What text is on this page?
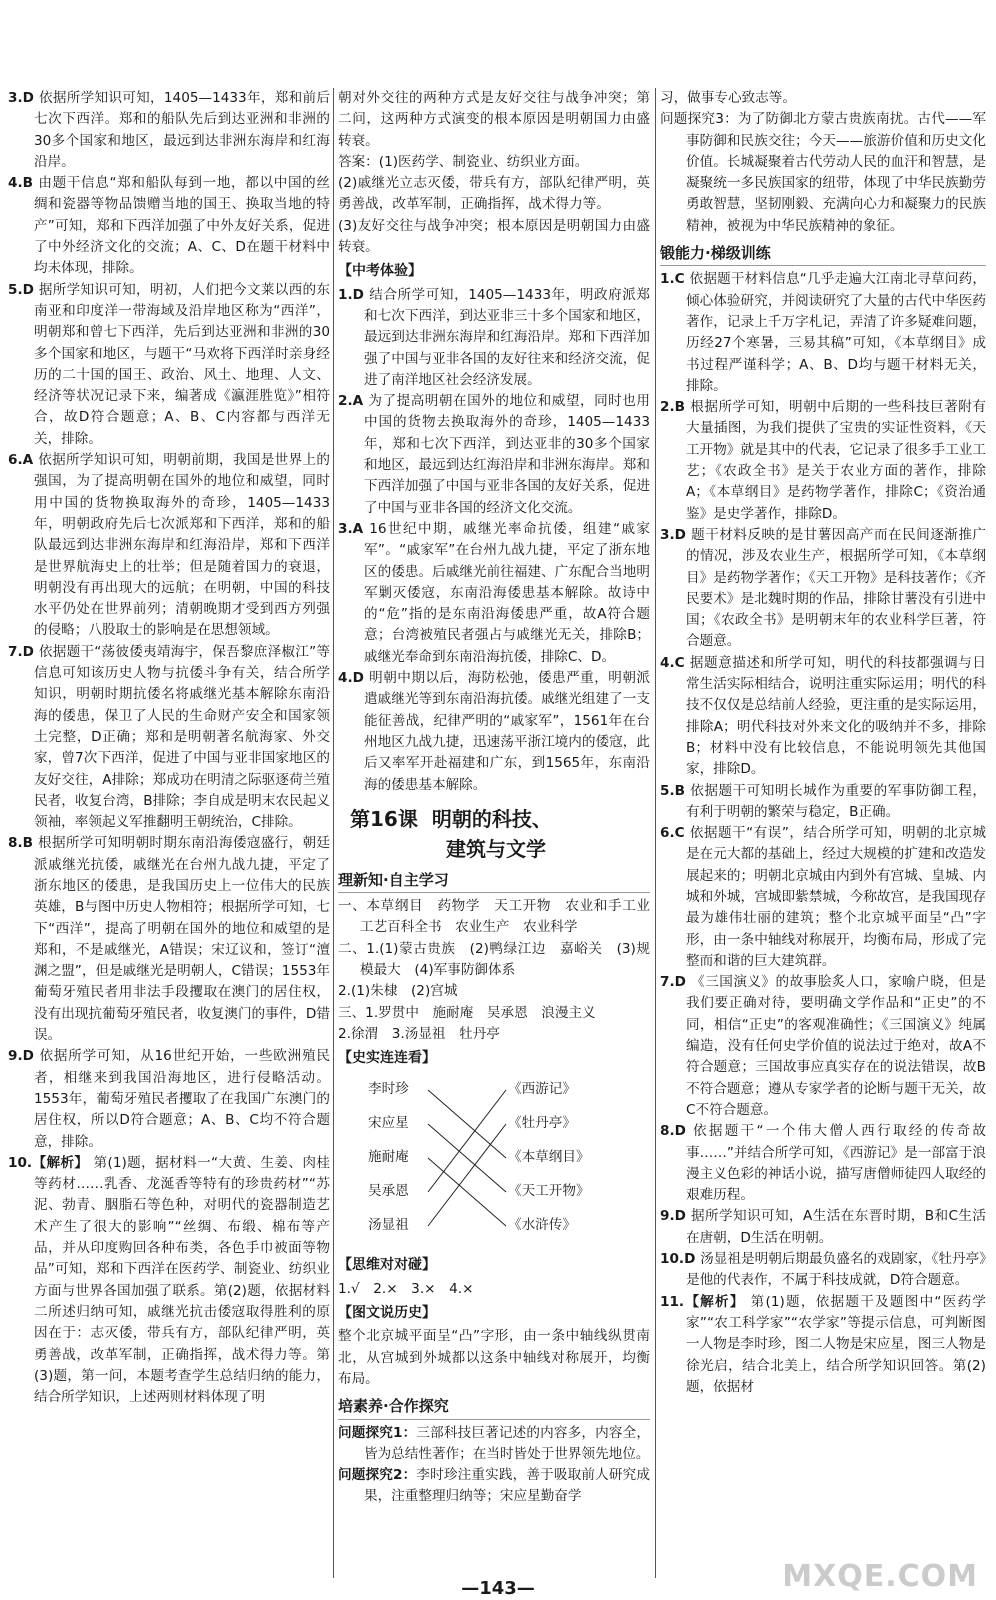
3.D 依据所学知识可知，1405—1433年，郑和前后七次下西洋。郑和的船队先后到达亚洲和非洲的30多个国家和地区，最远到达非洲东海岸和红海沿岸。

4.B 由题干信息“郑和船队每到一地，都以中国的丝绸和瓷器等物品馈赠当地的国王、换取当地的特产”可知，郑和下西洋加强了中外友好关系，促进了中外经济文化的交流；A、C、D在题干材料中均未体现，排除。

5.D 据所学知识可知，明初，人们把今文莱以西的东南亚和印度洋一带海域及沿岸地区称为“西洋”，明朝郑和曾七下西洋，先后到达亚洲和非洲的30多个国家和地区，与题干“马欢将下西洋时亲身经历的二十国的国王、政治、风土、地理、人文、经济等状况记录下来，编著成《瀛涯胜览》”相符合，故D符合题意；A、B、C内容都与西洋无关，排除。

6.A 依据所学知识可知，明朝前期，我国是世界上的强国，为了提高明朝在国外的地位和威望，同时用中国的货物换取海外的奇珍，1405—1433年，明朝政府先后七次派郑和下西洋，郑和的船队最远到达非洲东海岸和红海沿岸，郑和下西洋是世界航海史上的壮举；但是随着国力的衰退，明朝没有再出现大的远航；在明朝，中国的科技水平仍处在世界前列；清朝晚期才受到西方列强的侵略；八股取士的影响是在思想领域。

7.D 依据题干“荡彼倭夷靖海宇，保吾黎庶泽椒江”等信息可知该历史人物与抗倭斗争有关，结合所学知识，明朝时期抗倭名将戚继光基本解除东南沿海的倭患，保卫了人民的生命财产安全和国家领土完整，D正确；郑和是明朝著名航海家、外交家，曾7次下西洋，促进了中国与亚非国家地区的友好交往，A排除；郑成功在明清之际驱逐荷兰殖民者，收复台湾，B排除；李自成是明末农民起义领袖，率领起义军推翻明王朝统治，C排除。

8.B 根据所学可知明朝时期东南沿海倭寇盛行，朝廷派戚继光抗倭，戚继光在台州九战九捷，平定了浙东地区的倭患，是我国历史上一位伟大的民族英雄，B与图中历史人物相符；根据所学可知，七下“西洋”，提高了明朝在国外的地位和威望的是郑和，不是戚继光，A错误；宋辽议和，签订“澶渊之盟”，但是戚继光是明朝人，C错误；1553年葡萄牙殖民者用非法手段攫取在澳门的居住权，没有出现抗葡萄牙殖民者，收复澳门的事件，D错误。

9.D 依据所学可知，从16世纪开始，一些欧洲殖民者，相继来到我国沿海地区，进行侵略活动。1553年，葡萄牙殖民者攫取了在我国广东澳门的居住权，所以D符合题意；A、B、C均不符合题意，排除。

10.【解析】 第(1)题，据材料一“大黄、生姜、肉桂等药材……乳香、龙涎香等特有的珍贵药材”“苏泥、勃青、胭脂石等色种，对明代的瓷器制造艺术产生了很大的影响”“丝绸、布缎、棉布等产品，并从印度购回各种布类，各色手巾被面等物品”可知，郑和下西洋在医药学、制瓷业、纺织业方面与世界各国加强了联系。第(2)题，依据材料二所述归纳可知，戚继光抗击倭寇取得胜利的原因在于：志灭倭，带兵有方，部队纪律严明，英勇善战，改革军制，正确指挥，战术得力等。第(3)题，第一问，本题考查学生总结归纳的能力，结合所学知识，上述两则材料体现了明

朝对外交往的两种方式是友好交往与战争冲突；第二问，这两种方式演变的根本原因是明朝国力由盛转衰。

答案：(1)医药学、制瓷业、纺织业方面。

(2)戚继光立志灭倭，带兵有方，部队纪律严明，英勇善战，改革军制，正确指挥，战术得力等。

(3)友好交往与战争冲突；根本原因是明朝国力由盛转衰。

【中考体验】

1.D 结合所学可知，1405—1433年，明政府派郑和七次下西洋，到达亚非三十多个国家和地区，最远到达非洲东海岸和红海沿岸。郑和下西洋加强了中国与亚非各国的友好往来和经济交流，促进了南洋地区社会经济发展。

2.A 为了提高明朝在国外的地位和威望，同时也用中国的货物去换取海外的奇珍，1405—1433年，郑和七次下西洋，到达亚非的30多个国家和地区，最远到达红海沿岸和非洲东海岸。郑和下西洋加强了中国与亚非各国的友好关系，促进了中国与亚非各国的经济文化交流。

3.A 16世纪中期，戚继光率命抗倭，组建“戚家军”。“戚家军”在台州九战九捷，平定了浙东地区的倭患。后戚继光前往福建、广东配合当地明军剿灭倭寇，东南沿海倭患基本解除。故诗中的“危”指的是东南沿海倭患严重，故A符合题意；台湾被殖民者强占与戚继光无关，排除B；戚继光奉命到东南沿海抗倭，排除C、D。

4.D 明朝中期以后，海防松弛，倭患严重，明朝派遣戚继光等到东南沿海抗倭。戚继光组建了一支能征善战，纪律严明的“戚家军”，1561年在台州地区九战九捷，迅速荡平浙江境内的倭寇，此后又率军开赴福建和广东，到1565年，东南沿海的倭患基本解除。

第16课 明朝的科技、
建筑与文学
理新知·自主学习

一、本草纲目　药物学　天工开物　农业和手工业　工艺百科全书　农业生产　农业科学

二、1.(1)蒙古贵族　(2)鸭绿江边　嘉峪关　(3)规模最大　(4)军事防御体系

2.(1)朱棣　(2)宫城

三、1.罗贯中　施耐庵　吴承恩　浪漫主义

2.徐渭　3.汤显祖　牡丹亭

【史实连连看】
李时珍
宋应星
施耐庵
吴承恩
汤显祖
《西游记》
《牡丹亭》
《本草纲目》
《天工开物》
《水浒传》
【思维对对碰】

1.√　2.×　3.×　4.×

【图文说历史】

整个北京城平面呈“凸”字形，由一条中轴线纵贯南北，从宫城到外城都以这条中轴线对称展开，均衡布局。

培素养·合作探究

问题探究1：三部科技巨著记述的内容多，内容全，皆为总结性著作；在当时皆处于世界领先地位。

问题探究2：李时珍注重实践，善于吸取前人研究成果，注重整理归纳等；宋应星勤奋学

习，做事专心致志等。

问题探究3：为了防御北方蒙古贵族南扰。古代——军事防御和民族交往；今天——旅游价值和历史文化价值。长城凝聚着古代劳动人民的血汗和智慧，是凝聚统一多民族国家的纽带，体现了中华民族勤劳勇敢智慧，坚韧刚毅、充满向心力和凝聚力的民族精神，被视为中华民族精神的象征。

锻能力·梯级训练

1.C 依据题干材料信息“几乎走遍大江南北寻草问药，倾心体验研究，并阅读研究了大量的古代中华医药著作，记录上千万字札记，弄清了许多疑难问题，历经27个寒暑，三易其稿”可知，《本草纲目》成书过程严谨科学；A、B、D均与题干材料无关，排除。

2.B 根据所学可知，明朝中后期的一些科技巨著附有大量插图，为我们提供了宝贵的实证性资料，《天工开物》就是其中的代表，它记录了很多手工业工艺；《农政全书》是关于农业方面的著作，排除A；《本草纲目》是药物学著作，排除C；《资治通鉴》是史学著作，排除D。

3.D 题干材料反映的是甘薯因高产而在民间逐渐推广的情况，涉及农业生产，根据所学可知，《本草纲目》是药物学著作；《天工开物》是科技著作；《齐民要术》是北魏时期的作品，排除甘薯没有引进中国；《农政全书》是明朝末年的农业科学巨著，符合题意。

4.C 据题意描述和所学可知，明代的科技都强调与日常生活实际相结合，说明注重实际运用；明代的科技不仅仅是总结前人经验，更注重的是实际运用，排除A；明代科技对外来文化的吸纳并不多，排除B；材料中没有比较信息，不能说明领先其他国家，排除D。

5.B 依据题干可知明长城作为重要的军事防御工程，有利于明朝的繁荣与稳定，B正确。

6.C 依据题干“有误”，结合所学可知，明朝的北京城是在元大都的基础上，经过大规模的扩建和改造发展起来的；明朝北京城由内到外有宫城、皇城、内城和外城，宫城即紫禁城，今称故宫，是我国现存最为雄伟壮丽的建筑；整个北京城平面呈“凸”字形，由一条中轴线对称展开，均衡布局，形成了完整而和谐的巨大建筑群。

7.D 《三国演义》的故事脍炙人口，家喻户晓，但是我们要正确对待，要明确文学作品和“正史”的不同，相信“正史”的客观准确性；《三国演义》纯属编造，没有任何史学价值的说法过于绝对，故A不符合题意；三国故事应真实存在的说法错误，故B不符合题意；遵从专家学者的论断与题干无关，故C不符合题意。

8.D 依据题干“一个伟大僧人西行取经的传奇故事……”并结合所学可知，《西游记》是一部富于浪漫主义色彩的神话小说，描写唐僧师徒四人取经的艰难历程。

9.D 据所学知识可知，A生活在东晋时期，B和C生活在唐朝，D生活在明朝。

10.D 汤显祖是明朝后期最负盛名的戏剧家，《牡丹亭》是他的代表作，不属于科技成就，D符合题意。

11.【解析】 第(1)题，依据题干及题图中“医药学家”“农工科学家”“农学家”等提示信息，可判断图一人物是李时珍，图二人物是宋应星，图三人物是徐光启，结合北美上，结合所学知识回答。第(2)题，依据材

—143—	MXQE.COM
